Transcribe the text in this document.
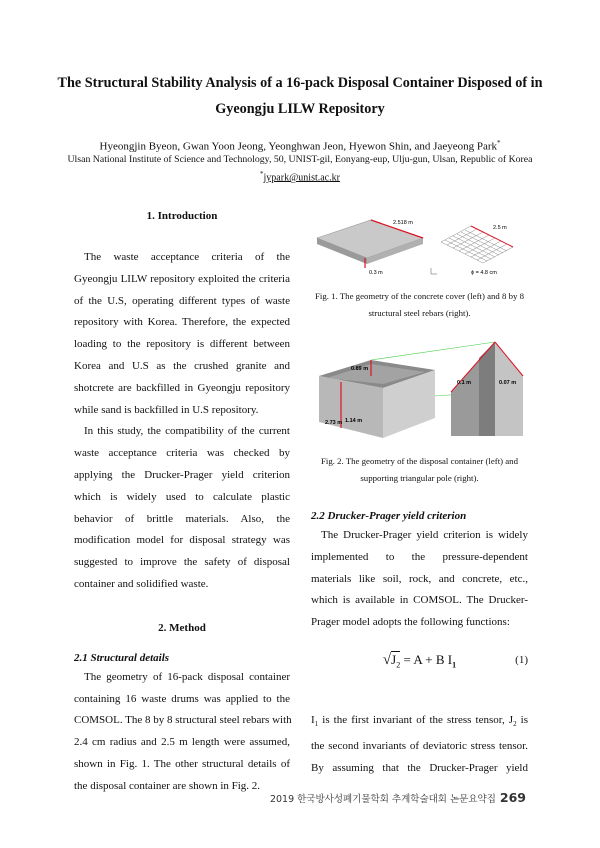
The Structural Stability Analysis of a 16-pack Disposal Container Disposed of in
Gyeongju LILW Repository
Hyeongjin Byeon, Gwan Yoon Jeong, Yeonghwan Jeon, Hyewon Shin, and Jaeyeong Park*
Ulsan National Institute of Science and Technology, 50, UNIST-gil, Eonyang-eup, Ulju-gun, Ulsan, Republic of Korea
*jypark@unist.ac.kr
1. Introduction
The waste acceptance criteria of the
Gyeongju LILW repository exploited the criteria
of the U.S, operating different types of waste
repository with Korea. Therefore, the expected
loading to the repository is different between
Korea and U.S as the crushed granite and
shotcrete are backfilled in Gyeongju repository
while sand is backfilled in U.S repository.
In this study, the compatibility of the current
waste acceptance criteria was checked by
applying the Drucker-Prager yield criterion
which is widely used to calculate plastic
behavior of brittle materials. Also, the
modification model for disposal strategy was
suggested to improve the safety of disposal
container and solidified waste.
2. Method
2.1 Structural details
The geometry of 16-pack disposal container
containing 16 waste drums was applied to the
COMSOL. The 8 by 8 structural steel rebars with
2.4 cm radius and 2.5 m length were assumed,
shown in Fig. 1. The other structural details of
the disposal container are shown in Fig. 2.
2.518 m
0.3 m
2.5 m
ϕ = 4.8 cm
Fig. 1. The geometry of the concrete cover (left) and 8 by 8
structural steel rebars (right).
0.89 m
2.73 m 1.14 m
0.1 m	0.07 m
Fig. 2. The geometry of the disposal container (left) and
supporting triangular pole (right).
2.2 Drucker-Prager yield criterion
The Drucker-Prager yield criterion is widely
implemented to the pressure-dependent
materials like soil, rock, and concrete, etc.,
which is available in COMSOL. The Drucker-
Prager model adopts the following functions:
$√J_2 = A + B$ $I_1$	(1)
$I_1$ is the first invariant of the stress tensor, $J_2$ is
the second invariants of deviatoric stress tensor.
By assuming that the Drucker-Prager yield
2019 한국방사성폐기물학회 추계학술대회 논문요약집 269
